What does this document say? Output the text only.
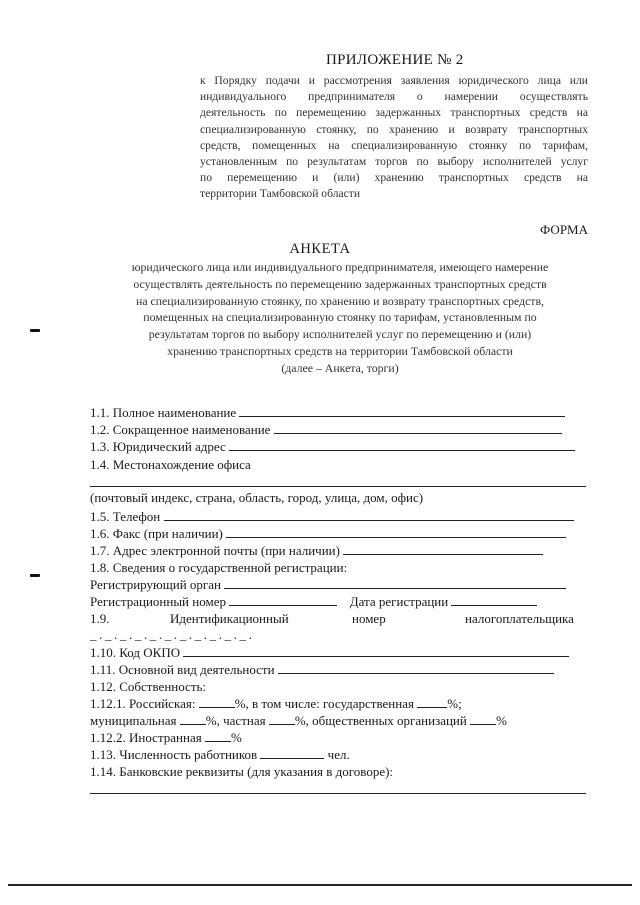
ПРИЛОЖЕНИЕ № 2
к Порядку подачи и рассмотрения заявления юридического лица или
индивидуального предпринимателя о намерении осуществлять
деятельность по перемещению задержанных транспортных средств на
специализированную стоянку, по хранению и возврату транспортных
средств, помещенных на специализированную стоянку по тарифам,
установленным по результатам торгов по выбору исполнителей услуг
по перемещению и (или) хранению транспортных средств на
территории Тамбовской области
ФОРМА
АНКЕТА
юридического лица или индивидуального предпринимателя, имеющего намерение
осуществлять деятельность по перемещению задержанных транспортных средств
на специализированную стоянку, по хранению и возврату транспортных средств,
помещенных на специализированную стоянку по тарифам, установленным по
результатам торгов по выбору исполнителей услуг по перемещению и (или)
хранению транспортных средств на территории Тамбовской области
(далее – Анкета, торги)
1.1. Полное наименование
1.2. Сокращенное наименование
1.3. Юридический адрес
1.4. Местонахождение офиса
(почтовый индекс, страна, область, город, улица, дом, офис)
1.5. Телефон
1.6. Факс (при наличии)
1.7. Адрес электронной почты (при наличии)
1.8. Сведения о государственной регистрации:
Регистрирующий орган
Регистрационный номер	Дата регистрации
1.9.	Идентификационный	номер	налогоплательщика
_._._._._._._._._._._.
1.10. Код ОКПО
1.11. Основной вид деятельности
1.12. Собственность:
1.12.1. Российская:	%, в том числе: государственная	%;
муниципальная %, частная %, общественных организаций %
1.12.2. Иностранная %
1.13. Численность работников	чел.
1.14. Банковские реквизиты (для указания в договоре):
